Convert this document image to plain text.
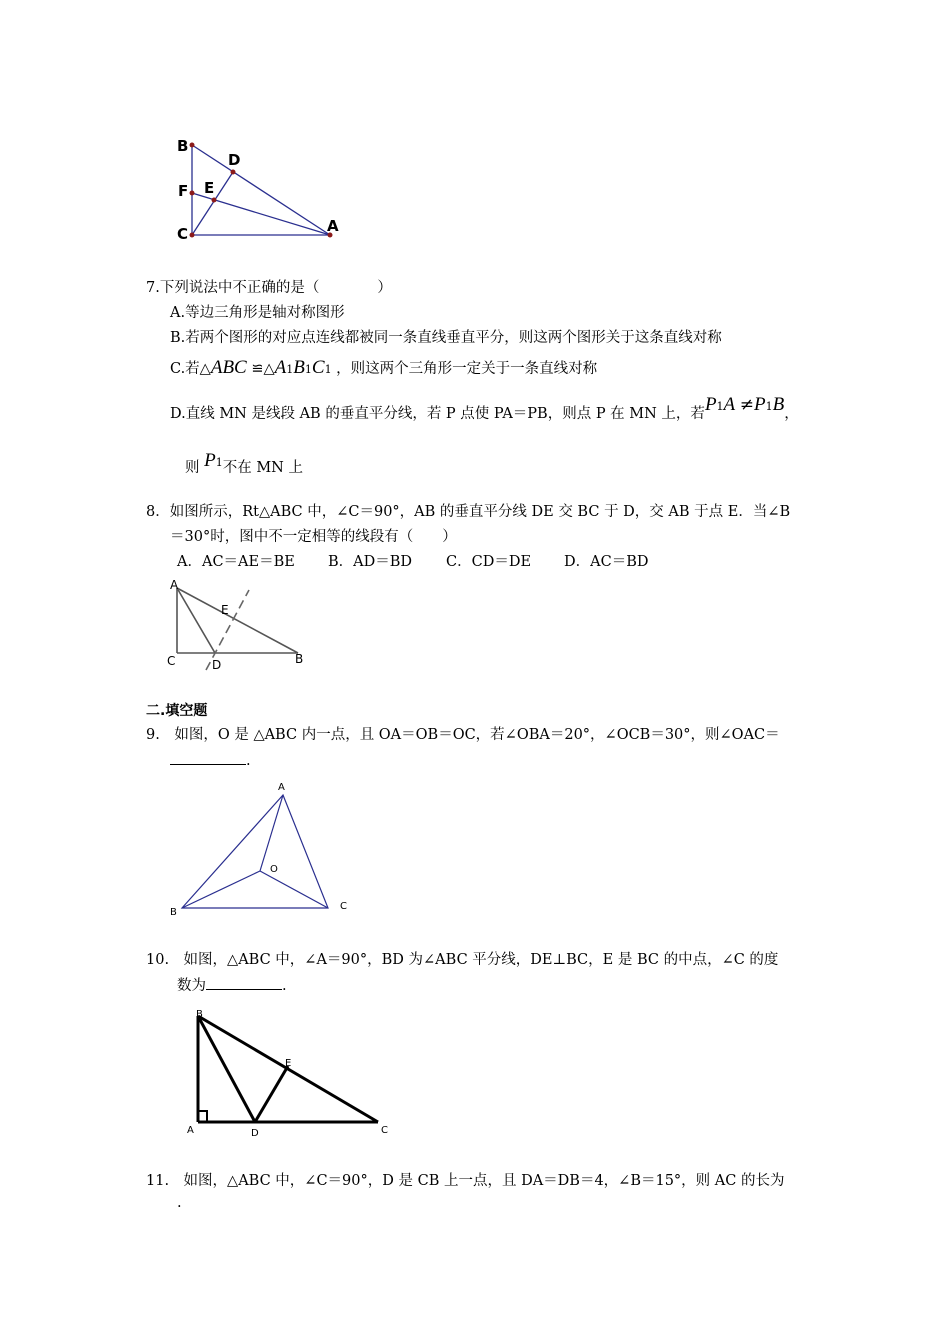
B
D
F E
C	A
7.下列说法中不正确的是（　　　　）
A.等边三角形是轴对称图形
B.若两个图形的对应点连线都被同一条直线垂直平分，则这两个图形关于这条直线对称
C.若△ABC ≌△A1B1C1 ，则这两个三角形一定关于一条直线对称
D.直线 MN 是线段 AB 的垂直平分线，若 P 点使 PA＝PB，则点 P 在 MN 上，若P1A ≠P1B，
则 P1不在 MN 上
8．如图所示，Rt△ABC 中，∠C＝90°，AB 的垂直平分线 DE 交 BC 于 D，交 AB 于点 E．当∠B
＝30°时，图中不一定相等的线段有（　　）
A．AC＝AE＝BE B．AD＝BD C．CD＝DE D．AC＝BD
A
E
C	D	B
二.填空题
9.　如图，O 是 △ABC 内一点，且 OA＝OB＝OC，若∠OBA＝20°，∠OCB＝30°，则∠OAC＝
.
A
O
B
C
10.　如图，△ABC 中，∠A＝90°，BD 为∠ABC 平分线，DE⊥BC，E 是 BC 的中点，∠C 的度
数为	.
B
E
A	D	C
11.　如图，△ABC 中，∠C＝90°，D 是 CB 上一点，且 DA＝DB＝4，∠B＝15°，则 AC 的长为
.
